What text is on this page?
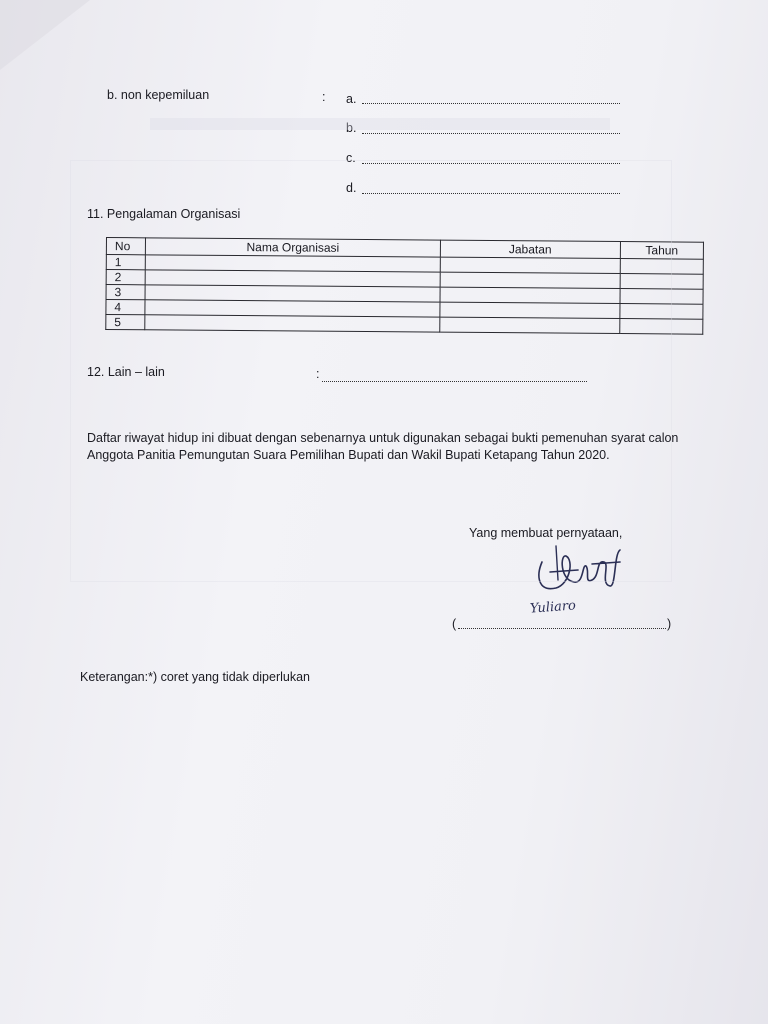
b. non kepemiluan	: a.
b.
c.
d.
11. Pengalaman Organisasi
No	Nama Organisasi	Jabatan	Tahun
1			
2			
3			
4			
5			
12. Lain – lain	:
Daftar riwayat hidup ini dibuat dengan sebenarnya untuk digunakan sebagai bukti pemenuhan syarat calon Anggota Panitia Pemungutan Suara Pemilihan Bupati dan Wakil Bupati Ketapang Tahun 2020.
Yang membuat pernyataan,
Yuliaro
(	)
Keterangan:*) coret yang tidak diperlukan
